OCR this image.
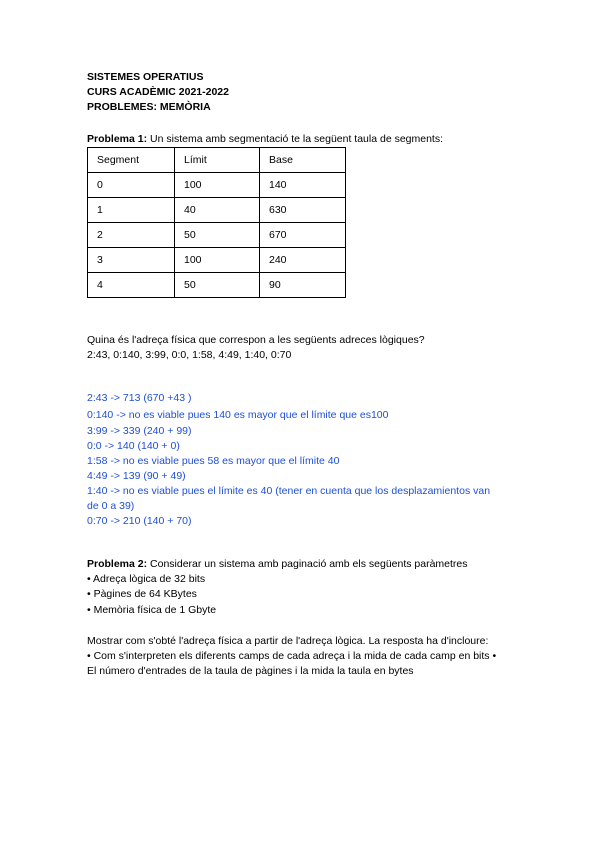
SISTEMES OPERATIUS
CURS ACADÈMIC 2021-2022
PROBLEMES: MEMÒRIA
Problema 1: Un sistema amb segmentació te la següent taula de segments:
Segment	Límit	Base
0	100	140
1	40	630
2	50	670
3	100	240
4	50	90
Quina és l'adreça física que correspon a les següents adreces lògiques?
2:43, 0:140, 3:99, 0:0, 1:58, 4:49, 1:40, 0:70
2:43 -> 713 (670 +43 )
0:140 -> no es viable pues 140 es mayor que el límite que es100
3:99 -> 339 (240 + 99)
0:0 -> 140 (140 + 0)
1:58 -> no es viable pues 58 es mayor que el límite 40
4:49 -> 139 (90 + 49)
1:40 -> no es viable pues el límite es 40 (tener en cuenta que los desplazamientos van
de 0 a 39)
0:70 -> 210 (140 + 70)
Problema 2: Considerar un sistema amb paginació amb els següents paràmetres
• Adreça lògica de 32 bits
• Pàgines de 64 KBytes
• Memòria física de 1 Gbyte
Mostrar com s'obté l'adreça física a partir de l'adreça lògica. La resposta ha d'incloure:
• Com s'interpreten els diferents camps de cada adreça i la mida de cada camp en bits •
El número d'entrades de la taula de pàgines i la mida la taula en bytes
